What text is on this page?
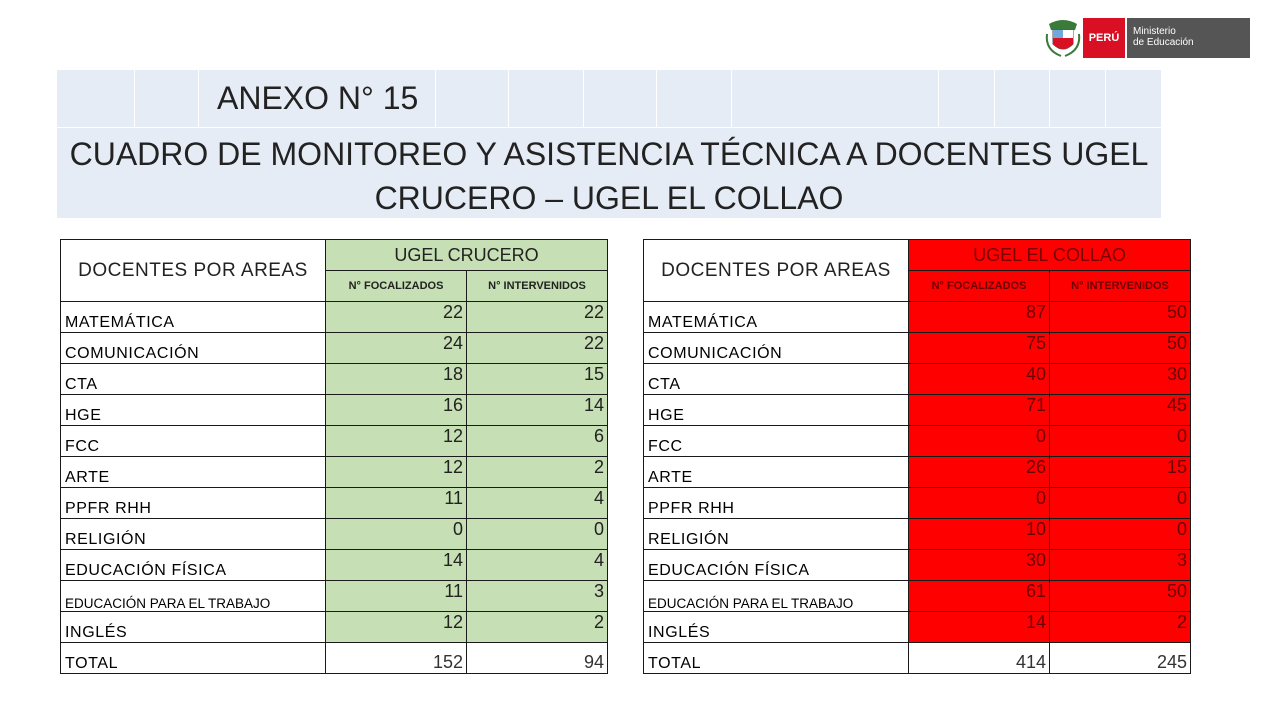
PERÚ
Ministerio
de Educación
ANEXO N° 15
CUADRO DE MONITOREO Y ASISTENCIA TÉCNICA A DOCENTES UGEL
CRUCERO – UGEL EL COLLAO
DOCENTES POR AREAS	UGEL CRUCERO	
	N° FOCALIZADOS	N° INTERVENIDOS
MATEMÁTICA	22	22
COMUNICACIÓN	24	22
CTA	18	15
HGE	16	14
FCC	12	6
ARTE	12	2
PPFR RHH	11	4
RELIGIÓN	0	0
EDUCACIÓN FÍSICA	14	4
EDUCACIÓN PARA EL TRABAJO	11	3
INGLÉS	12	2
TOTAL	152	94
DOCENTES POR AREAS	UGEL EL COLLAO	
	N° FOCALIZADOS	N° INTERVENIDOS
MATEMÁTICA	87	50
COMUNICACIÓN	75	50
CTA	40	30
HGE	71	45
FCC	0	0
ARTE	26	15
PPFR RHH	0	0
RELIGIÓN	10	0
EDUCACIÓN FÍSICA	30	3
EDUCACIÓN PARA EL TRABAJO	61	50
INGLÉS	14	2
TOTAL	414	245
